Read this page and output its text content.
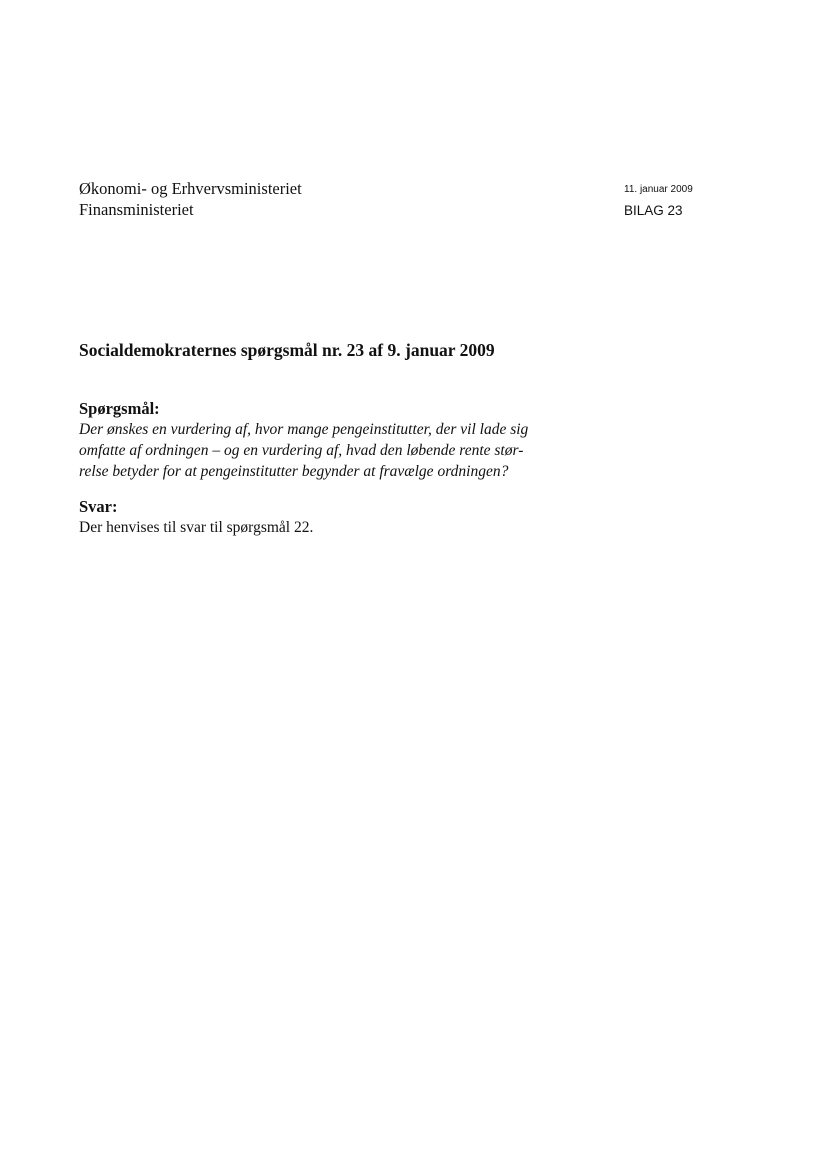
Økonomi- og Erhvervsministeriet
Finansministeriet
11. januar 2009
BILAG 23
Socialdemokraternes spørgsmål nr. 23 af 9. januar 2009
Spørgsmål:
Der ønskes en vurdering af, hvor mange pengeinstitutter, der vil lade sig
omfatte af ordningen – og en vurdering af, hvad den løbende rente stør-
relse betyder for at pengeinstitutter begynder at fravælge ordningen?
Svar:
Der henvises til svar til spørgsmål 22.
